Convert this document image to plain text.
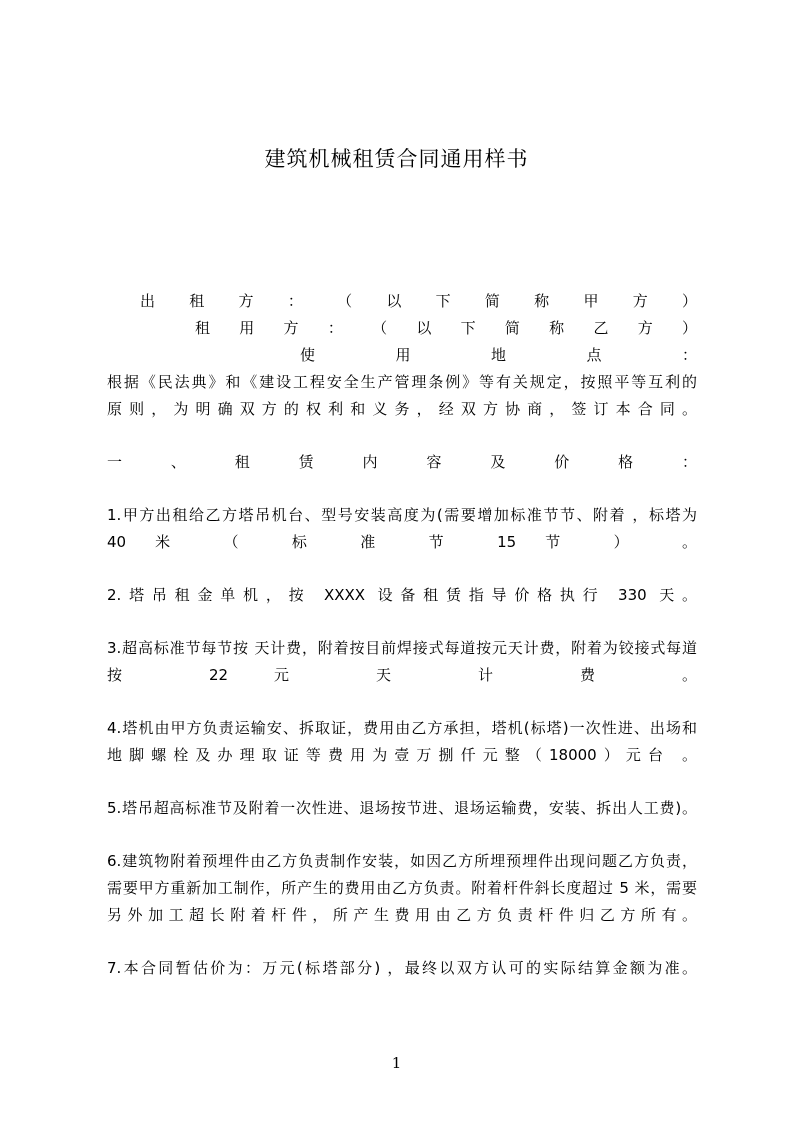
建筑机械租赁合同通用样书
出 租 方 ： （ 以 下 简 称 甲 方 ）
租 用 方 ： （ 以 下 简 称 乙 方 ）
使 用 地 点 ：
根据《民法典》和《建设工程安全生产管理条例》等有关规定，按照平等互利的
原则，为明确双方的权利和义务，经双方协商，签订本合同。
一 、 租 赁 内 容 及 价 格 ：
1.甲方出租给乙方塔吊机台、型号安装高度为(需要增加标准节节、附着 ，标塔为
40 米 （ 标 准 节 15 节 ） 。
2.塔吊租金单机，按 XXXX 设备租赁指导价格执行 330 天。
3.超高标准节每节按 天计费，附着按目前焊接式每道按元天计费，附着为铰接式每道
按 22 元 天 计 费 。
4.塔机由甲方负责运输安、拆取证，费用由乙方承担，塔机(标塔)一次性进、出场和
地脚螺栓及办理取证等费用为壹万捌仟元整（18000）元台 。
5.塔吊超高标准节及附着一次性进、退场按节进、退场运输费，安装、拆出人工费)。
6.建筑物附着预埋件由乙方负责制作安装，如因乙方所埋预埋件出现问题乙方负责，
需要甲方重新加工制作，所产生的费用由乙方负责。附着杆件斜长度超过 5 米，需要
另外加工超长附着杆件，所产生费用由乙方负责杆件归乙方所有。
7.本合同暂估价为：万元(标塔部分) ，最终以双方认可的实际结算金额为准。
1
